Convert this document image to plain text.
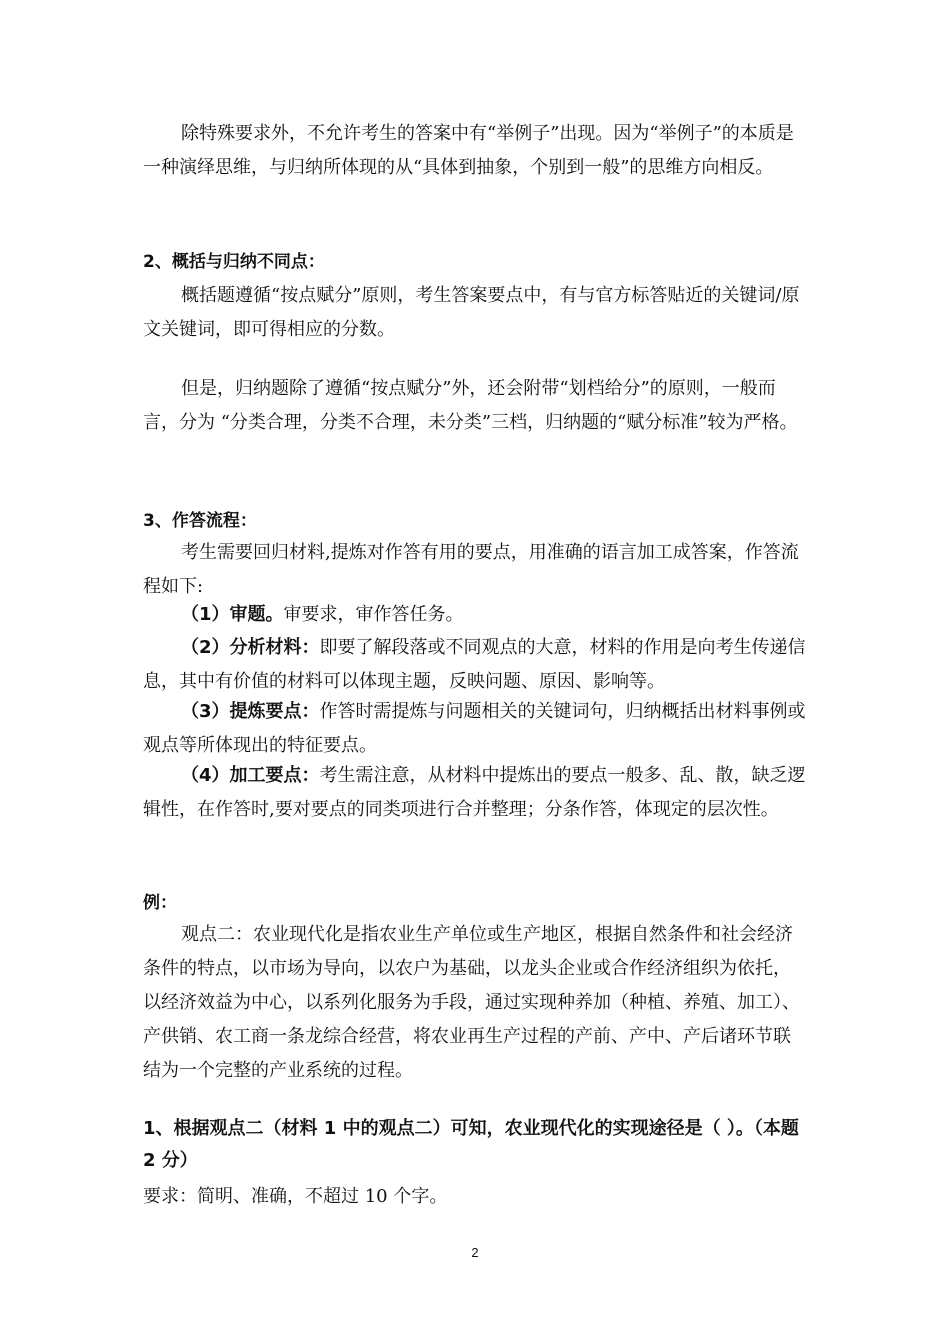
除特殊要求外，不允许考生的答案中有“举例子”出现。因为“举例子”的本质是一种演绎思维，与归纳所体现的从“具体到抽象，个别到一般”的思维方向相反。

2、概括与归纳不同点：

概括题遵循“按点赋分”原则，考生答案要点中，有与官方标答贴近的关键词/原文关键词，即可得相应的分数。

但是，归纳题除了遵循“按点赋分”外，还会附带“划档给分”的原则，一般而言，分为 “分类合理，分类不合理，未分类”三档，归纳题的“赋分标准”较为严格。

3、作答流程：

考生需要回归材料,提炼对作答有用的要点，用准确的语言加工成答案，作答流程如下:

（1）审题。审要求，审作答任务。

（2）分析材料：即要了解段落或不同观点的大意，材料的作用是向考生传递信息，其中有价值的材料可以体现主题，反映问题、原因、影响等。

（3）提炼要点：作答时需提炼与问题相关的关键词句，归纳概括出材料事例或观点等所体现出的特征要点。

（4）加工要点：考生需注意，从材料中提炼出的要点一般多、乱、散，缺乏逻辑性，在作答时,要对要点的同类项进行合并整理；分条作答，体现定的层次性。

例：

观点二：农业现代化是指农业生产单位或生产地区，根据自然条件和社会经济条件的特点，以市场为导向，以农户为基础，以龙头企业或合作经济组织为依托，以经济效益为中心，以系列化服务为手段，通过实现种养加（种植、养殖、加工）、产供销、农工商一条龙综合经营，将农业再生产过程的产前、产中、产后诸环节联结为一个完整的产业系统的过程。

1、根据观点二（材料 1 中的观点二）可知，农业现代化的实现途径是（ ）。（本题 2 分）

要求：简明、准确，不超过 10 个字。

2
